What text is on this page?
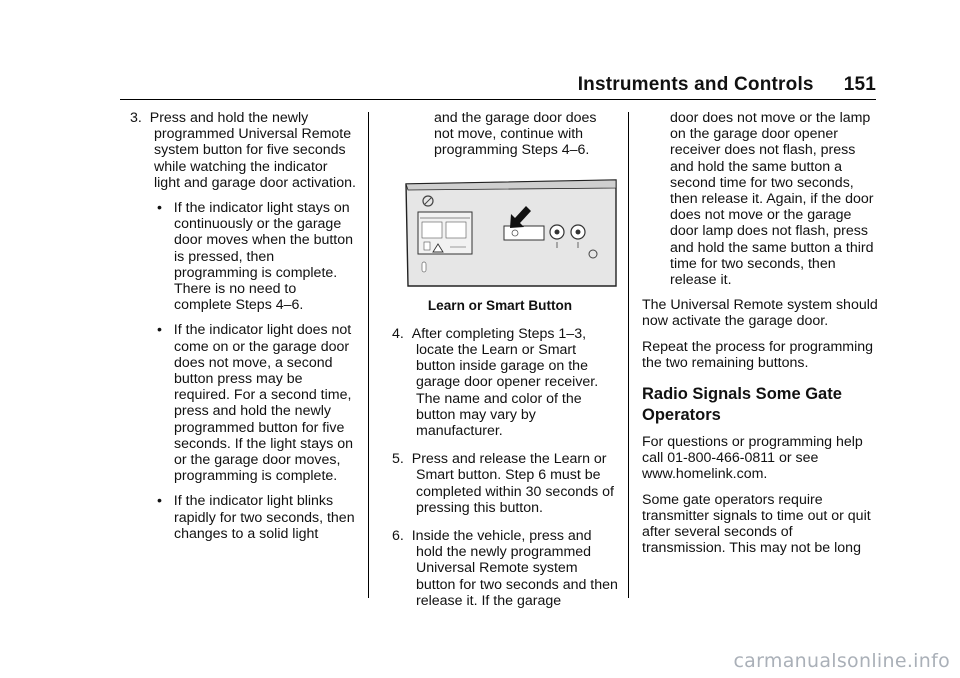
Instruments and Controls 151

3. Press and hold the newly programmed Universal Remote system button for five seconds while watching the indicator light and garage door activation.

• If the indicator light stays on continuously or the garage door moves when the button is pressed, then programming is complete. There is no need to complete Steps 4–6.

• If the indicator light does not come on or the garage door does not move, a second button press may be required. For a second time, press and hold the newly programmed button for five seconds. If the light stays on or the garage door moves, programming is complete.

• If the indicator light blinks rapidly for two seconds, then changes to a solid light

and the garage door does not move, continue with programming Steps 4–6.

Learn or Smart Button

4. After completing Steps 1–3, locate the Learn or Smart button inside garage on the garage door opener receiver. The name and color of the button may vary by manufacturer.

5. Press and release the Learn or Smart button. Step 6 must be completed within 30 seconds of pressing this button.

6. Inside the vehicle, press and hold the newly programmed Universal Remote system button for two seconds and then release it. If the garage

door does not move or the lamp on the garage door opener receiver does not flash, press and hold the same button a second time for two seconds, then release it. Again, if the door does not move or the garage door lamp does not flash, press and hold the same button a third time for two seconds, then release it.

The Universal Remote system should now activate the garage door.

Repeat the process for programming the two remaining buttons.

Radio Signals Some Gate Operators

For questions or programming help call 01-800-466-0811 or see www.homelink.com.

Some gate operators require transmitter signals to time out or quit after several seconds of transmission. This may not be long

carmanualsonline.info
